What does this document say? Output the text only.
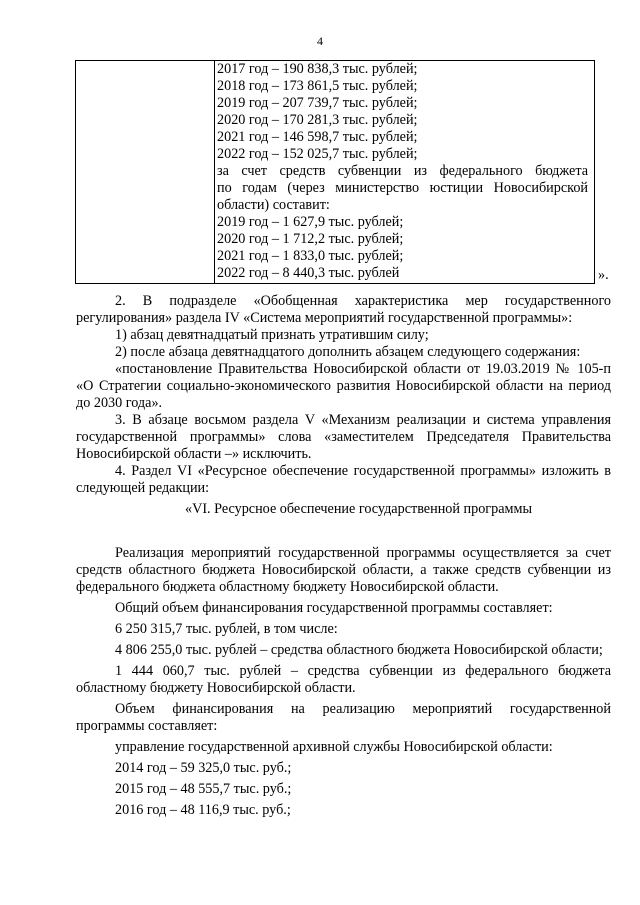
4
2017 год – 190 838,3 тыс. рублей;
2018 год – 173 861,5 тыс. рублей;
2019 год – 207 739,7 тыс. рублей;
2020 год – 170 281,3 тыс. рублей;
2021 год – 146 598,7 тыс. рублей;
2022 год – 152 025,7 тыс. рублей;
за счет средств субвенции из федерального бюджета
по годам (через министерство юстиции Новосибирской
области) составит:
2019 год – 1 627,9 тыс. рублей;
2020 год – 1 712,2 тыс. рублей;
2021 год – 1 833,0 тыс. рублей;
2022 год – 8 440,3 тыс. рублей	».

2. В подразделе «Обобщенная характеристика мер государственного регулирования» раздела IV «Система мероприятий государственной программы»:

1) абзац девятнадцатый признать утратившим силу;

2) после абзаца девятнадцатого дополнить абзацем следующего содержания:

«постановление Правительства Новосибирской области от 19.03.2019 № 105-п «О Стратегии социально-экономического развития Новосибирской области на период до 2030 года».

3. В абзаце восьмом раздела V «Механизм реализации и система управления государственной программы» слова «заместителем Председателя Правительства Новосибирской области –» исключить.

4. Раздел VI «Ресурсное обеспечение государственной программы» изложить в следующей редакции:

«VI. Ресурсное обеспечение государственной программы

Реализация мероприятий государственной программы осуществляется за счет средств областного бюджета Новосибирской области, а также средств субвенции из федерального бюджета областному бюджету Новосибирской области.

Общий объем финансирования государственной программы составляет:

6 250 315,7 тыс. рублей, в том числе:

4 806 255,0 тыс. рублей – средства областного бюджета Новосибирской области;

1 444 060,7 тыс. рублей – средства субвенции из федерального бюджета областному бюджету Новосибирской области.

Объем финансирования на реализацию мероприятий государственной программы составляет:

управление государственной архивной службы Новосибирской области:

2014 год – 59 325,0 тыс. руб.;

2015 год – 48 555,7 тыс. руб.;

2016 год – 48 116,9 тыс. руб.;
